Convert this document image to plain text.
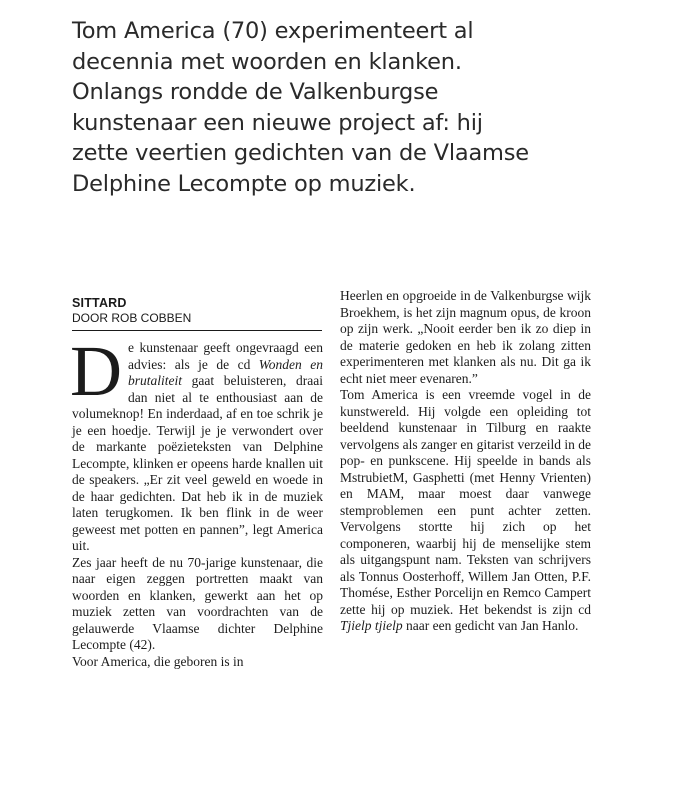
Tom America (70) experimenteert al
decennia met woorden en klanken.
Onlangs rondde de Valkenburgse
kunstenaar een nieuwe project af: hij
zette veertien gedichten van de Vlaamse
Delphine Lecompte op muziek.
SITTARD
DOOR ROB COBBEN
D e kunstenaar geeft ongevraagd een advies: als je de cd Wonden en brutaliteit gaat beluisteren, draai dan niet al te enthousiast aan de volumeknop! En inderdaad, af en toe schrik je je een hoedje. Terwijl je je verwondert over de markante poëzieteksten van Delphine Lecompte, klinken er opeens harde knallen uit de speakers. „Er zit veel geweld en woede in de haar gedichten. Dat heb ik in de muziek laten terugkomen. Ik ben flink in de weer geweest met potten en pannen”, legt America uit.

Zes jaar heeft de nu 70-jarige kunstenaar, die naar eigen zeggen portretten maakt van woorden en klanken, gewerkt aan het op muziek zetten van voordrachten van de gelauwerde Vlaamse dichter Delphine Lecompte (42).

Voor America, die geboren is in

Heerlen en opgroeide in de Valkenburgse wijk Broekhem, is het zijn magnum opus, de kroon op zijn werk. „Nooit eerder ben ik zo diep in de materie gedoken en heb ik zolang zitten experimenteren met klanken als nu. Dit ga ik echt niet meer evenaren.”

Tom America is een vreemde vogel in de kunstwereld. Hij volgde een opleiding tot beeldend kunstenaar in Tilburg en raakte vervolgens als zanger en gitarist verzeild in de pop- en punkscene. Hij speelde in bands als MstrubietM, Gasphetti (met Henny Vrienten) en MAM, maar moest daar vanwege stemproblemen een punt achter zetten. Vervolgens stortte hij zich op het componeren, waarbij hij de menselijke stem als uitgangspunt nam. Teksten van schrijvers als Tonnus Oosterhoff, Willem Jan Otten, P.F. Thomése, Esther Porcelijn en Remco Campert zette hij op muziek. Het bekendst is zijn cd Tjielp tjielp naar een gedicht van Jan Hanlo.
